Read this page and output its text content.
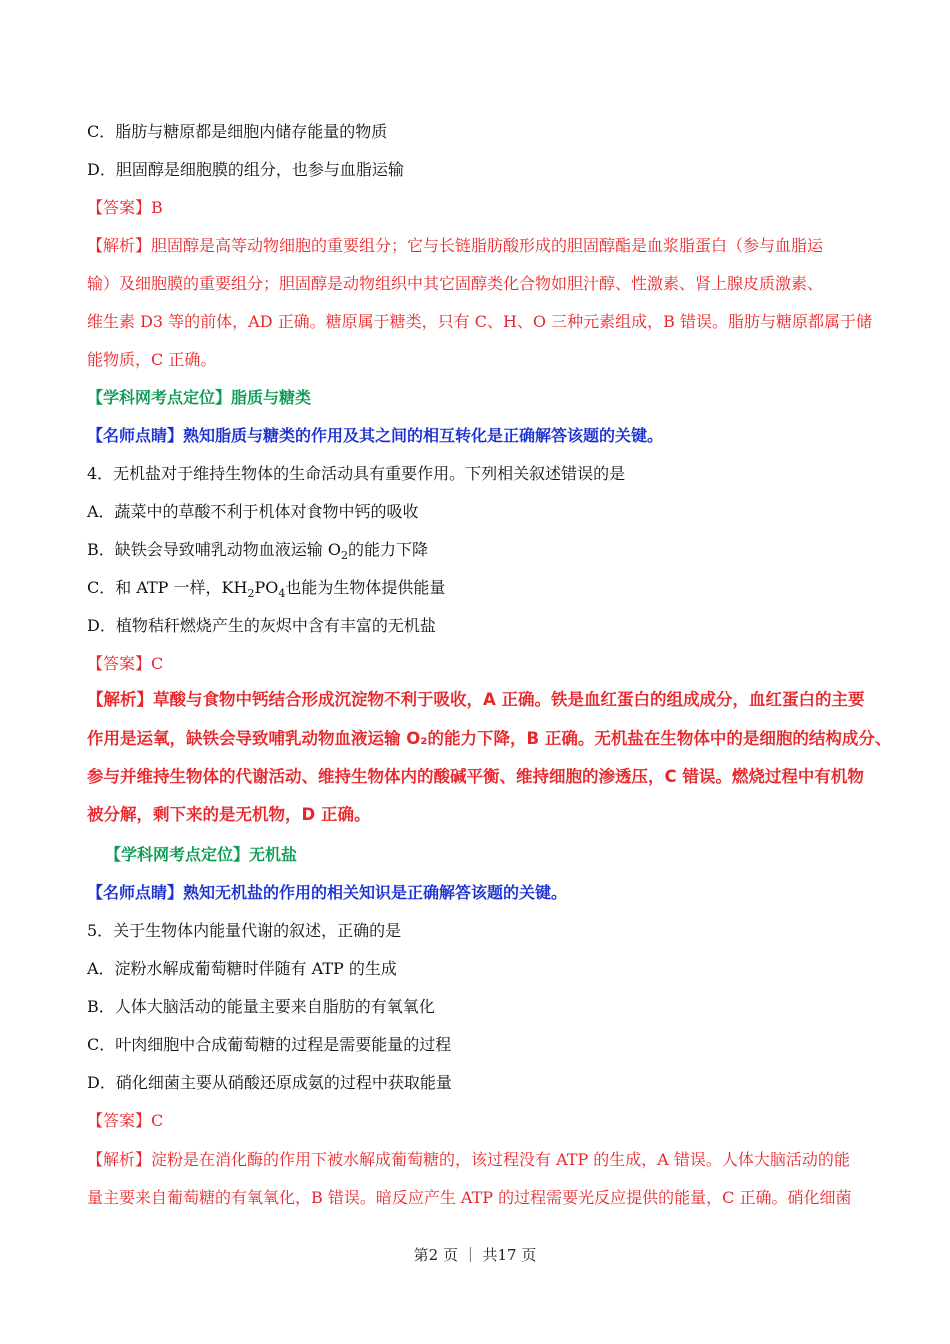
C．脂肪与糖原都是细胞内储存能量的物质
D．胆固醇是细胞膜的组分，也参与血脂运输
【答案】B
【解析】胆固醇是高等动物细胞的重要组分；它与长链脂肪酸形成的胆固醇酯是血浆脂蛋白（参与血脂运
输）及细胞膜的重要组分；胆固醇是动物组织中其它固醇类化合物如胆汁醇、性激素、肾上腺皮质激素、
维生素 D3 等的前体，AD 正确。糖原属于糖类，只有 C、H、O 三种元素组成，B 错误。脂肪与糖原都属于储
能物质，C 正确。
【学科网考点定位】脂质与糖类
【名师点睛】熟知脂质与糖类的作用及其之间的相互转化是正确解答该题的关键。
4．无机盐对于维持生物体的生命活动具有重要作用。下列相关叙述错误的是
A．蔬菜中的草酸不利于机体对食物中钙的吸收
B．缺铁会导致哺乳动物血液运输 $O_2$的能力下降
C．和 ATP 一样，$KH_2PO_4$也能为生物体提供能量
D．植物秸秆燃烧产生的灰烬中含有丰富的无机盐
【答案】C
【解析】草酸与食物中钙结合形成沉淀物不利于吸收，A 正确。铁是血红蛋白的组成成分，血红蛋白的主要
作用是运氧，缺铁会导致哺乳动物血液运输 O₂的能力下降，B 正确。无机盐在生物体中的是细胞的结构成分、
参与并维持生物体的代谢活动、维持生物体内的酸碱平衡、维持细胞的渗透压，C 错误。燃烧过程中有机物
被分解，剩下来的是无机物，D 正确。
【学科网考点定位】无机盐
【名师点睛】熟知无机盐的作用的相关知识是正确解答该题的关键。
5．关于生物体内能量代谢的叙述，正确的是
A．淀粉水解成葡萄糖时伴随有 ATP 的生成
B．人体大脑活动的能量主要来自脂肪的有氧氧化
C．叶肉细胞中合成葡萄糖的过程是需要能量的过程
D．硝化细菌主要从硝酸还原成氨的过程中获取能量
【答案】C
【解析】淀粉是在消化酶的作用下被水解成葡萄糖的，该过程没有 ATP 的生成，A 错误。人体大脑活动的能
量主要来自葡萄糖的有氧氧化，B 错误。暗反应产生 ATP 的过程需要光反应提供的能量，C 正确。硝化细菌
第2 页 ｜ 共17 页
